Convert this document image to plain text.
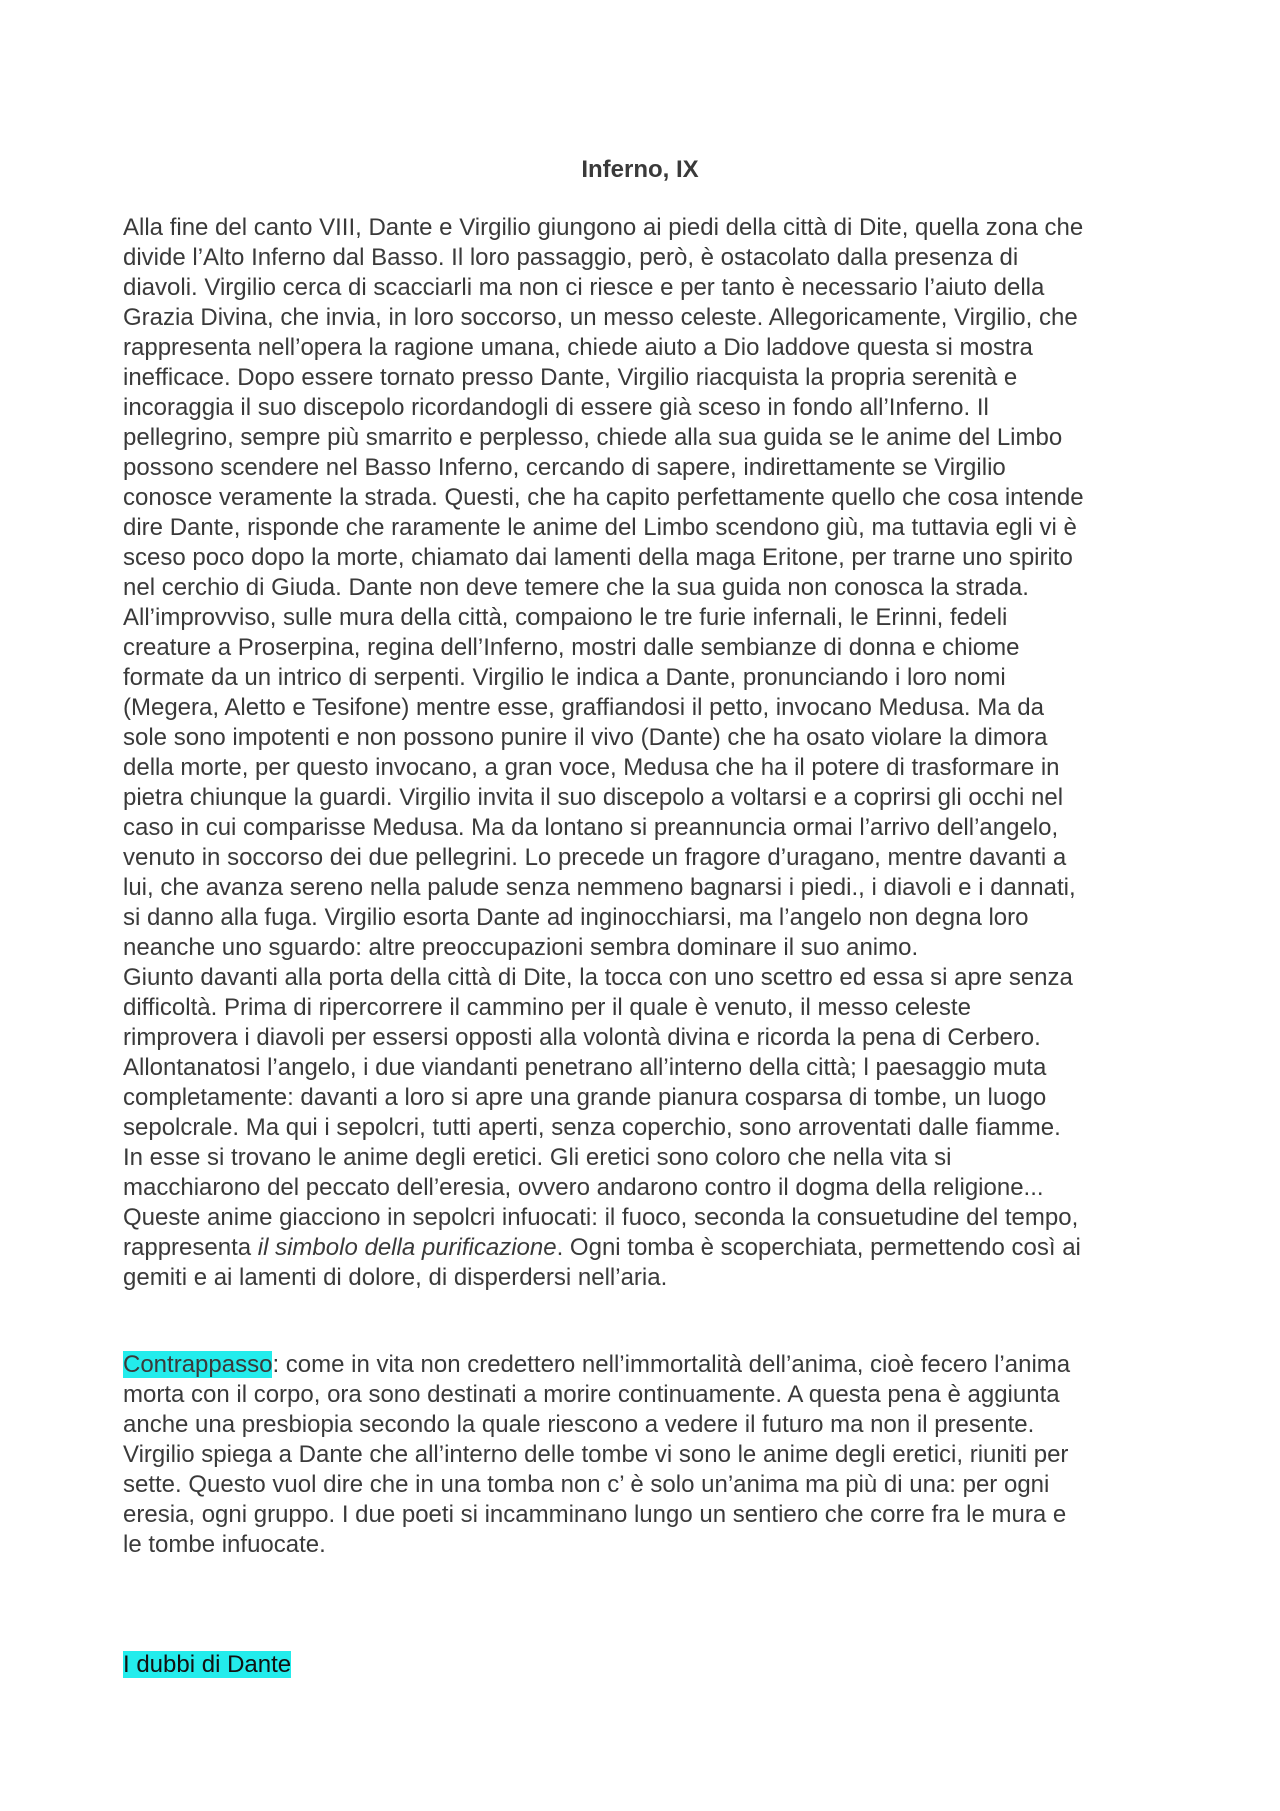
Inferno, IX
Alla fine del canto VIII, Dante e Virgilio giungono ai piedi della città di Dite, quella zona che
divide l’Alto Inferno dal Basso. Il loro passaggio, però, è ostacolato dalla presenza di
diavoli. Virgilio cerca di scacciarli ma non ci riesce e per tanto è necessario l’aiuto della
Grazia Divina, che invia, in loro soccorso, un messo celeste. Allegoricamente, Virgilio, che
rappresenta nell’opera la ragione umana, chiede aiuto a Dio laddove questa si mostra
inefficace. Dopo essere tornato presso Dante, Virgilio riacquista la propria serenità e
incoraggia il suo discepolo ricordandogli di essere già sceso in fondo all’Inferno. Il
pellegrino, sempre più smarrito e perplesso, chiede alla sua guida se le anime del Limbo
possono scendere nel Basso Inferno, cercando di sapere, indirettamente se Virgilio
conosce veramente la strada. Questi, che ha capito perfettamente quello che cosa intende
dire Dante, risponde che raramente le anime del Limbo scendono giù, ma tuttavia egli vi è
sceso poco dopo la morte, chiamato dai lamenti della maga Eritone, per trarne uno spirito
nel cerchio di Giuda. Dante non deve temere che la sua guida non conosca la strada.
All’improvviso, sulle mura della città, compaiono le tre furie infernali, le Erinni, fedeli
creature a Proserpina, regina dell’Inferno, mostri dalle sembianze di donna e chiome
formate da un intrico di serpenti. Virgilio le indica a Dante, pronunciando i loro nomi
(Megera, Aletto e Tesifone) mentre esse, graffiandosi il petto, invocano Medusa. Ma da
sole sono impotenti e non possono punire il vivo (Dante) che ha osato violare la dimora
della morte, per questo invocano, a gran voce, Medusa che ha il potere di trasformare in
pietra chiunque la guardi. Virgilio invita il suo discepolo a voltarsi e a coprirsi gli occhi nel
caso in cui comparisse Medusa. Ma da lontano si preannuncia ormai l’arrivo dell’angelo,
venuto in soccorso dei due pellegrini. Lo precede un fragore d’uragano, mentre davanti a
lui, che avanza sereno nella palude senza nemmeno bagnarsi i piedi., i diavoli e i dannati,
si danno alla fuga. Virgilio esorta Dante ad inginocchiarsi, ma l’angelo non degna loro
neanche uno sguardo: altre preoccupazioni sembra dominare il suo animo.
Giunto davanti alla porta della città di Dite, la tocca con uno scettro ed essa si apre senza
difficoltà. Prima di ripercorrere il cammino per il quale è venuto, il messo celeste
rimprovera i diavoli per essersi opposti alla volontà divina e ricorda la pena di Cerbero.
Allontanatosi l’angelo, i due viandanti penetrano all’interno della città; l paesaggio muta
completamente: davanti a loro si apre una grande pianura cosparsa di tombe, un luogo
sepolcrale. Ma qui i sepolcri, tutti aperti, senza coperchio, sono arroventati dalle fiamme.
In esse si trovano le anime degli eretici. Gli eretici sono coloro che nella vita si
macchiarono del peccato dell’eresia, ovvero andarono contro il dogma della religione...
Queste anime giacciono in sepolcri infuocati: il fuoco, seconda la consuetudine del tempo,
rappresenta il simbolo della purificazione. Ogni tomba è scoperchiata, permettendo così ai
gemiti e ai lamenti di dolore, di disperdersi nell’aria.
Contrappasso: come in vita non credettero nell’immortalità dell’anima, cioè fecero l’anima
morta con il corpo, ora sono destinati a morire continuamente. A questa pena è aggiunta
anche una presbiopia secondo la quale riescono a vedere il futuro ma non il presente.
Virgilio spiega a Dante che all’interno delle tombe vi sono le anime degli eretici, riuniti per
sette. Questo vuol dire che in una tomba non c’ è solo un’anima ma più di una: per ogni
eresia, ogni gruppo. I due poeti si incamminano lungo un sentiero che corre fra le mura e
le tombe infuocate.
I dubbi di Dante
